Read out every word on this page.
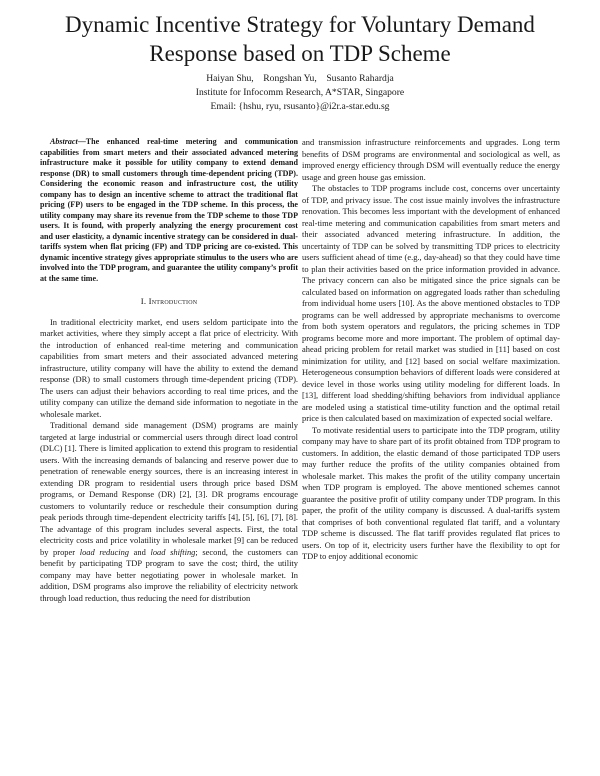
Dynamic Incentive Strategy for Voluntary Demand Response based on TDP Scheme
Haiyan Shu,    Rongshan Yu,    Susanto Rahardja
Institute for Infocomm Research, A*STAR, Singapore
Email: {hshu, ryu, rsusanto}@i2r.a-star.edu.sg

Abstract—The enhanced real-time metering and communication capabilities from smart meters and their associated advanced metering infrastructure make it possible for utility company to extend demand response (DR) to small customers through time-dependent pricing (TDP). Considering the economic reason and infrastructure cost, the utility company has to design an incentive scheme to attract the traditional flat pricing (FP) users to be engaged in the TDP scheme. In this process, the utility company may share its revenue from the TDP scheme to those TDP users. It is found, with properly analyzing the energy procurement cost and user elasticity, a dynamic incentive strategy can be considered in dual-tariffs system when flat pricing (FP) and TDP pricing are co-existed. This dynamic incentive strategy gives appropriate stimulus to the users who are involved into the TDP program, and guarantee the utility company’s profit at the same time.

I. Introduction

In traditional electricity market, end users seldom participate into the market activities, where they simply accept a flat price of electricity. With the introduction of enhanced real-time metering and communication capabilities from smart meters and their associated advanced metering infrastructure, utility company will have the ability to extend the demand response (DR) to small customers through time-dependent pricing (TDP). The users can adjust their behaviors according to real time prices, and the utility company can utilize the demand side information to negotiate in the wholesale market.

Traditional demand side management (DSM) programs are mainly targeted at large industrial or commercial users through direct load control (DLC) [1]. There is limited application to extend this program to residential users. With the increasing demands of balancing and reserve power due to penetration of renewable energy sources, there is an increasing interest in extending DR program to residential users through price based DSM programs, or Demand Response (DR) [2], [3]. DR programs encourage customers to voluntarily reduce or reschedule their consumption during peak periods through time-dependent electricity tariffs [4], [5], [6], [7], [8]. The advantage of this program includes several aspects. First, the total electricity costs and price volatility in wholesale market [9] can be reduced by proper load reducing and load shifting; second, the customers can benefit by participating TDP program to save the cost; third, the utility company may have better negotiating power in wholesale market. In addition, DSM programs also improve the reliability of electricity network through load reduction, thus reducing the need for distribution

and transmission infrastructure reinforcements and upgrades. Long term benefits of DSM programs are environmental and sociological as well, as improved energy efficiency through DSM will eventually reduce the energy usage and green house gas emission.

The obstacles to TDP programs include cost, concerns over uncertainty of TDP, and privacy issue. The cost issue mainly involves the infrastructure renovation. This becomes less important with the development of enhanced real-time metering and communication capabilities from smart meters and their associated advanced metering infrastructure. In addition, the uncertainty of TDP can be solved by transmitting TDP prices to electricity users sufficient ahead of time (e.g., day-ahead) so that they could have time to plan their activities based on the price information provided in advance. The privacy concern can also be mitigated since the price signals can be calculated based on information on aggregated loads rather than scheduling from individual home users [10]. As the above mentioned obstacles to TDP programs can be well addressed by appropriate mechanisms to overcome from both system operators and regulators, the pricing schemes in TDP programs become more and more important. The problem of optimal day-ahead pricing problem for retail market was studied in [11] based on cost minimization for utility, and [12] based on social welfare maximization. Heterogeneous consumption behaviors of different loads were considered at device level in those works using utility modeling for different loads. In [13], different load shedding/shifting behaviors from individual appliance are modeled using a statistical time-utility function and the optimal retail price is then calculated based on maximization of expected social welfare.

To motivate residential users to participate into the TDP program, utility company may have to share part of its profit obtained from TDP program to customers. In addition, the elastic demand of those participated TDP users may further reduce the profits of the utility companies obtained from wholesale market. This makes the profit of the utility company uncertain when TDP program is employed. The above mentioned schemes cannot guarantee the positive profit of utility company under TDP program. In this paper, the profit of the utility company is discussed. A dual-tariffs system that comprises of both conventional regulated flat tariff, and a voluntary TDP scheme is discussed. The flat tariff provides regulated flat prices to users. On top of it, electricity users further have the flexibility to opt for TDP to enjoy additional economic
